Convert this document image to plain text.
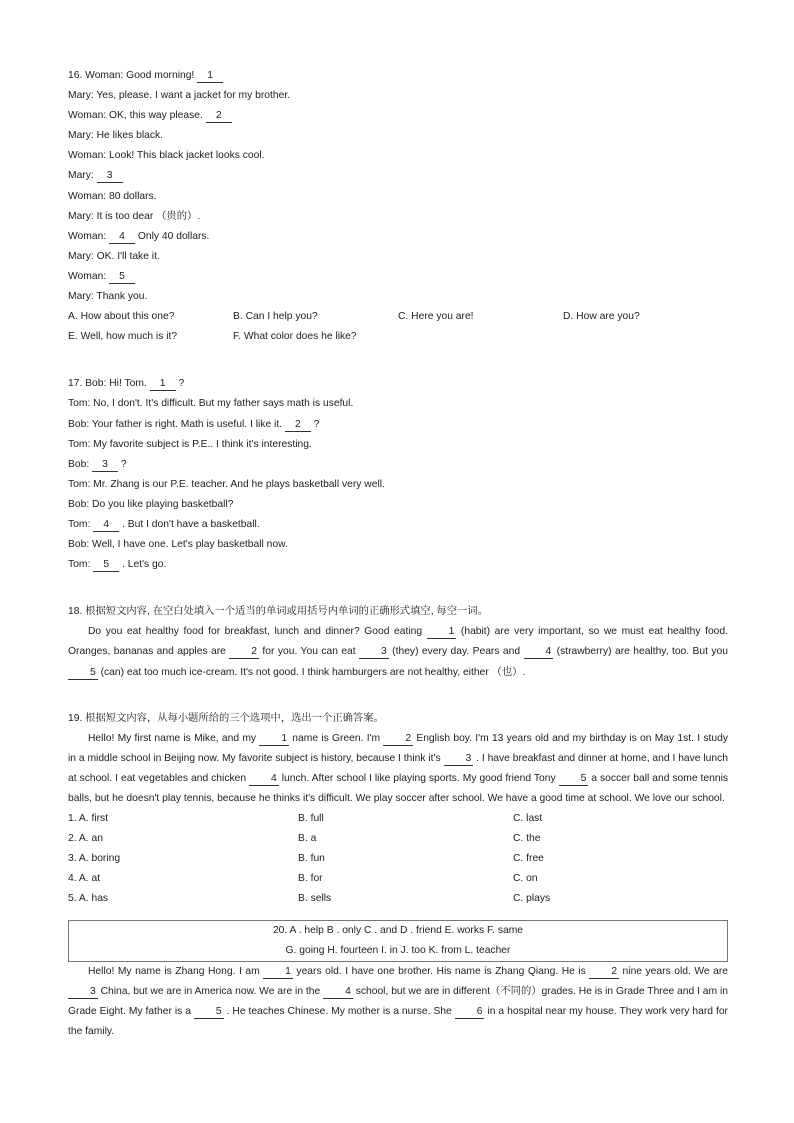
16. Woman: Good morning! 1
Mary: Yes, please. I want a jacket for my brother.
Woman: OK, this way please. 2
Mary: He likes black.
Woman: Look! This black jacket looks cool.
Mary: 3
Woman: 80 dollars.
Mary: It is too dear （贵的）.
Woman: 4 Only 40 dollars.
Mary: OK. I'll take it.
Woman: 5
Mary: Thank you.
A. How about this one?	B. Can I help you?	C. Here you are!	D. How are you?
E. Well, how much is it?	F. What color does he like?
17. Bob: Hi! Tom. 1 ?
Tom: No, I don't. It's difficult. But my father says math is useful.
Bob: Your father is right. Math is useful. I like it. 2 ?
Tom: My favorite subject is P.E.. I think it's interesting.
Bob: 3 ?
Tom: Mr. Zhang is our P.E. teacher. And he plays basketball very well.
Bob: Do you like playing basketball?
Tom: 4 . But I don't have a basketball.
Bob: Well, I have one. Let's play basketball now.
Tom: 5 . Let's go.
18. 根据短文内容, 在空白处填入一个适当的单词或用括号内单词的正确形式填空, 每空一词。
Do you eat healthy food for breakfast, lunch and dinner? Good eating 1 (habit) are very important, so we must eat healthy food. Oranges, bananas and apples are 2 for you. You can eat 3 (they) every day. Pears and 4 (strawberry) are healthy, too. But you 5 (can) eat too much ice-cream. It's not good. I think hamburgers are not healthy, either （也）.
19. 根据短文内容，从每小题所给的三个选项中，选出一个正确答案。
Hello! My first name is Mike, and my 1 name is Green. I'm 2 English boy. I'm 13 years old and my birthday is on May 1st. I study in a middle school in Beijing now. My favorite subject is history, because I think it's 3 . I have breakfast and dinner at home, and I have lunch at school. I eat vegetables and chicken 4 lunch. After school I like playing sports. My good friend Tony 5 a soccer ball and some tennis balls, but he doesn't play tennis, because he thinks it's difficult. We play soccer after school. We have a good time at school. We love our school.
1. A. first	B. full	C. last
2. A. an	B. a	C. the
3. A. boring	B. fun	C. free
4. A. at	B. for	C. on
5. A. has	B. sells	C. plays
20. A . help B . only C . and D . friend E. works F. same
G. going H. fourteen I. in J. too K. from L. teacher
Hello! My name is Zhang Hong. I am 1 years old. I have one brother. His name is Zhang Qiang. He is 2 nine years old. We are 3 China, but we are in America now. We are in the 4 school, but we are in different（不同的）grades. He is in Grade Three and I am in Grade Eight. My father is a 5 . He teaches Chinese. My mother is a nurse. She 6 in a hospital near my house. They work very hard for the family.
